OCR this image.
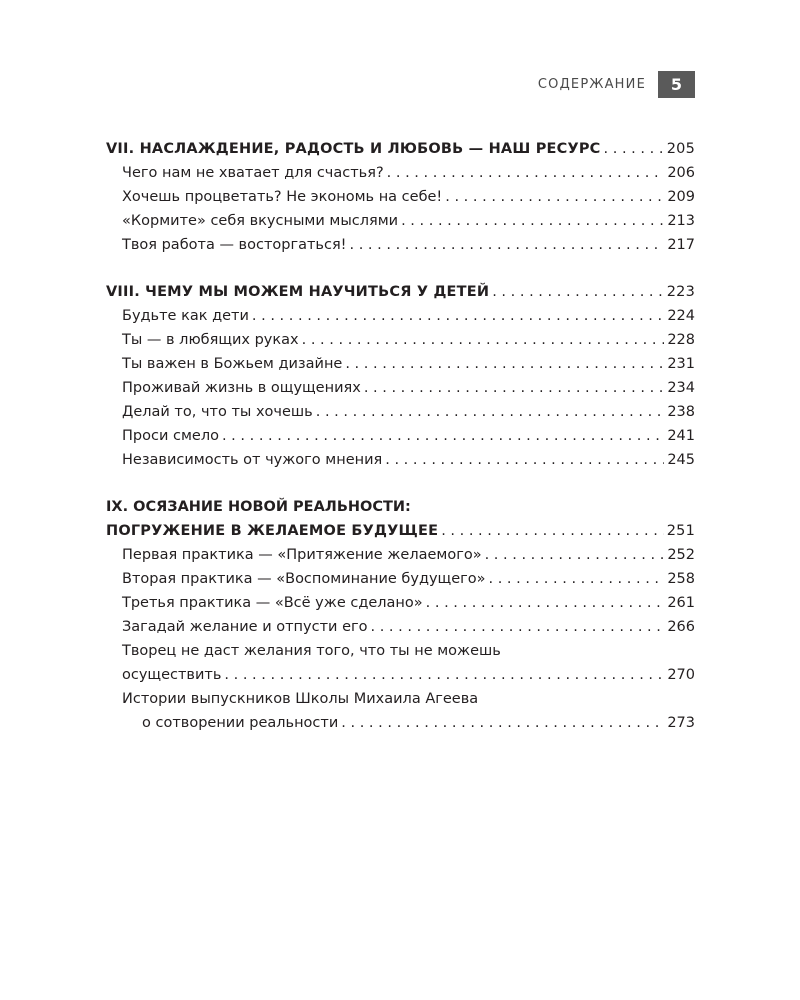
СОДЕРЖАНИЕ	5
VII. НАСЛАЖДЕНИЕ, РАДОСТЬ И ЛЮБОВЬ — НАШ РЕСУРС . . .	205
Чего нам не хватает для счастья? . . .	206
Хочешь процветать? Не экономь на себе! . . .	209
«Кормите» себя вкусными мыслями . . .	213
Твоя работа — восторгаться! . . .	217
VIII. ЧЕМУ МЫ МОЖЕМ НАУЧИТЬСЯ У ДЕТЕЙ . . .	223
Будьте как дети . . .	224
Ты — в любящих руках . . .	228
Ты важен в Божьем дизайне . . .	231
Проживай жизнь в ощущениях . . .	234
Делай то, что ты хочешь . . .	238
Проси смело . . .	241
Независимость от чужого мнения . . .	245
IX. ОСЯЗАНИЕ НОВОЙ РЕАЛЬНОСТИ:
ПОГРУЖЕНИЕ В ЖЕЛАЕМОЕ БУДУЩЕЕ . . .	251
Первая практика — «Притяжение желаемого» . . .	252
Вторая практика — «Воспоминание будущего» . . .	258
Третья практика — «Всё уже сделано» . . .	261
Загадай желание и отпусти его . . .	266
Творец не даст желания того, что ты не можешь
осуществить . . .	270
Истории выпускников Школы Михаила Агеева
о сотворении реальности . . .	273
